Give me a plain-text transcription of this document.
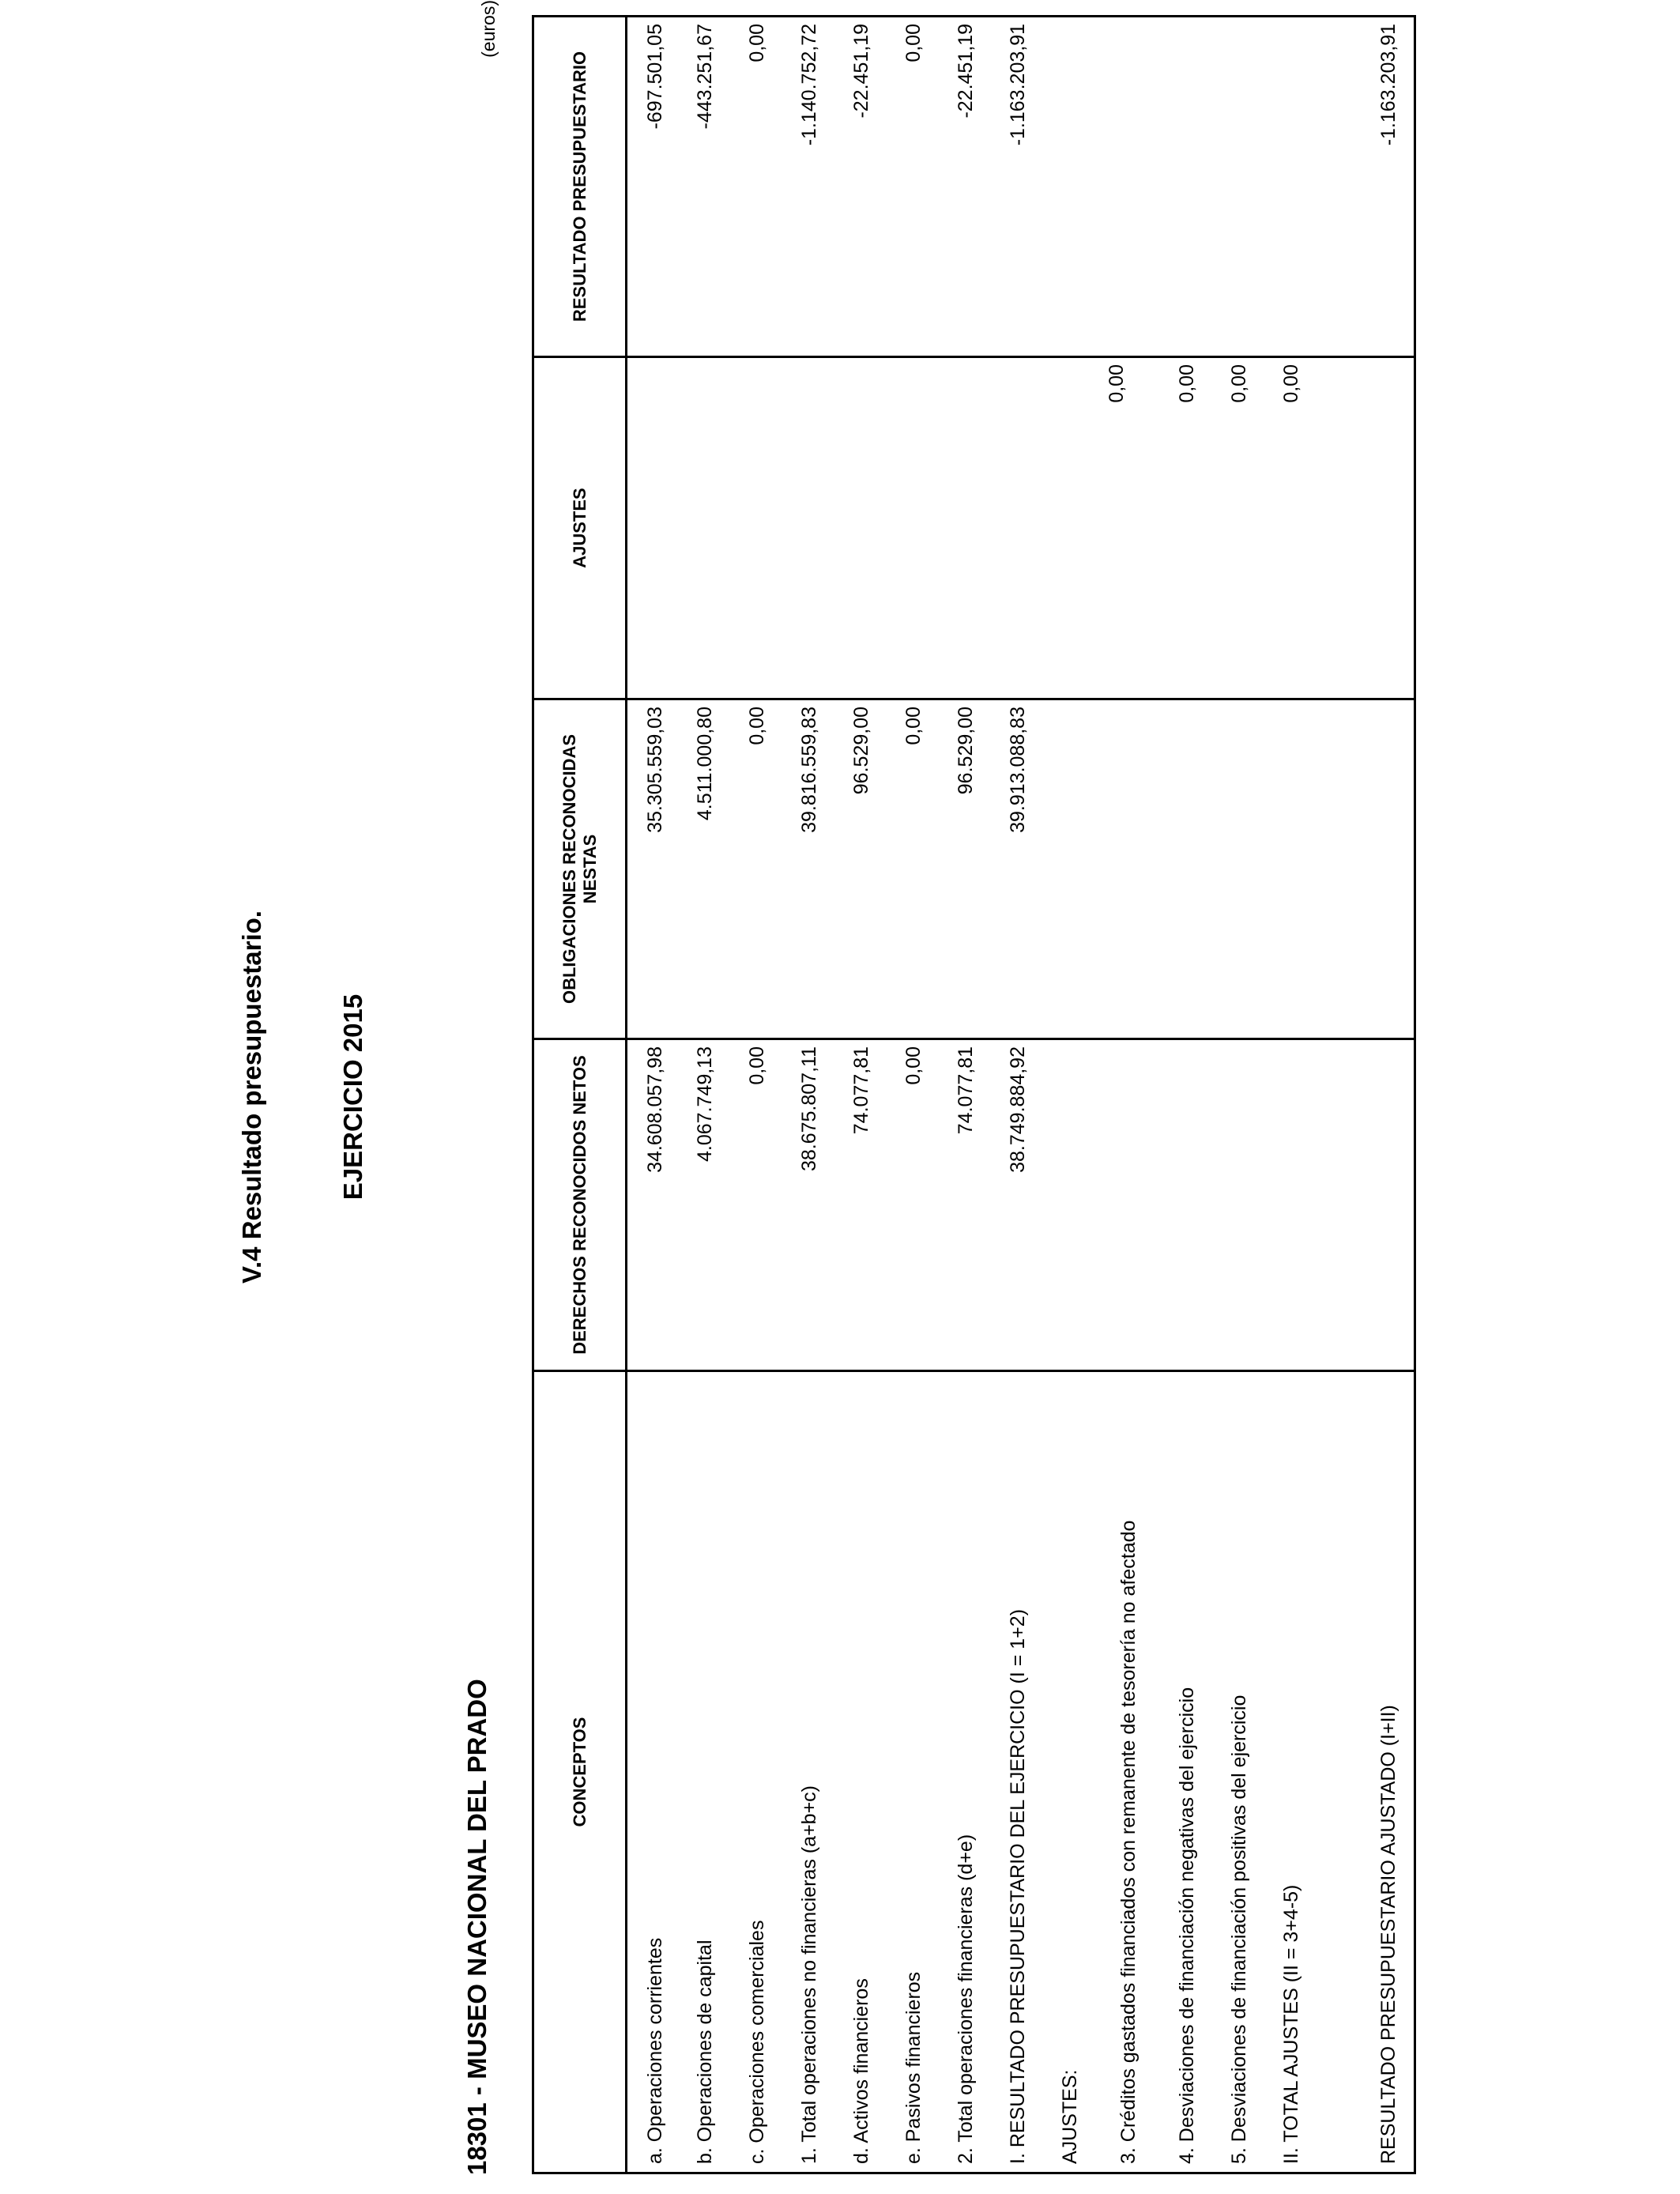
V.4 Resultado presupuestario.	EJERCICIO 2015
18301 - MUSEO NACIONAL DEL PRADO
(euros)
CONCEPTOS	DERECHOS RECONOCIDOS NETOS	OBLIGACIONES RECONOCIDAS NESTAS	AJUSTES	RESULTADO PRESUPUESTARIO
a. Operaciones corrientes	34.608.057,98	35.305.559,03		-697.501,05
b. Operaciones de capital	4.067.749,13	4.511.000,80		-443.251,67
c. Operaciones comerciales	0,00	0,00		0,00
1. Total operaciones no financieras (a+b+c)	38.675.807,11	39.816.559,83		-1.140.752,72
d. Activos financieros	74.077,81	96.529,00		-22.451,19
e. Pasivos financieros	0,00	0,00		0,00
2. Total operaciones financieras (d+e)	74.077,81	96.529,00		-22.451,19
I. RESULTADO PRESUPUESTARIO DEL EJERCICIO (I = 1+2)	38.749.884,92	39.913.088,83		-1.163.203,91
AJUSTES:				
3. Créditos gastados financiados con remanente de tesorería no afectado			0,00	
4. Desviaciones de financiación negativas del ejercicio			0,00	
5. Desviaciones de financiación positivas del ejercicio			0,00	
II. TOTAL AJUSTES (II = 3+4-5)			0,00	

RESULTADO PRESUPUESTARIO AJUSTADO (I+II)				-1.163.203,91
